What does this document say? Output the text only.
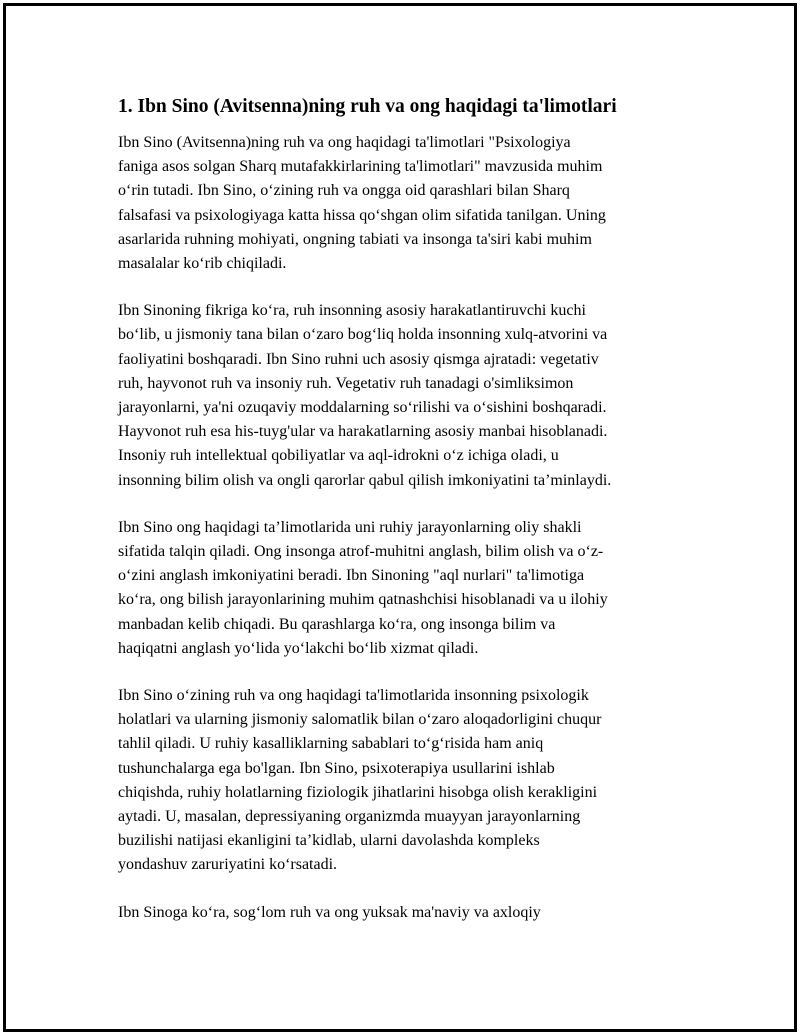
1. Ibn Sino (Avitsenna)ning ruh va ong haqidagi ta'limotlari

Ibn Sino (Avitsenna)ning ruh va ong haqidagi ta'limotlari "Psixologiya
faniga asos solgan Sharq mutafakkirlarining ta'limotlari" mavzusida muhim
o‘rin tutadi. Ibn Sino, o‘zining ruh va ongga oid qarashlari bilan Sharq
falsafasi va psixologiyaga katta hissa qo‘shgan olim sifatida tanilgan. Uning
asarlarida ruhning mohiyati, ongning tabiati va insonga ta'siri kabi muhim
masalalar ko‘rib chiqiladi.

Ibn Sinoning fikriga ko‘ra, ruh insonning asosiy harakatlantiruvchi kuchi
bo‘lib, u jismoniy tana bilan o‘zaro bog‘liq holda insonning xulq-atvorini va
faoliyatini boshqaradi. Ibn Sino ruhni uch asosiy qismga ajratadi: vegetativ
ruh, hayvonot ruh va insoniy ruh. Vegetativ ruh tanadagi o'simliksimon
jarayonlarni, ya'ni ozuqaviy moddalarning so‘rilishi va o‘sishini boshqaradi.
Hayvonot ruh esa his-tuyg'ular va harakatlarning asosiy manbai hisoblanadi.
Insoniy ruh intellektual qobiliyatlar va aql-idrokni o‘z ichiga oladi, u
insonning bilim olish va ongli qarorlar qabul qilish imkoniyatini ta’minlaydi.

Ibn Sino ong haqidagi ta’limotlarida uni ruhiy jarayonlarning oliy shakli
sifatida talqin qiladi. Ong insonga atrof-muhitni anglash, bilim olish va o‘z-
o‘zini anglash imkoniyatini beradi. Ibn Sinoning "aql nurlari" ta'limotiga
ko‘ra, ong bilish jarayonlarining muhim qatnashchisi hisoblanadi va u ilohiy
manbadan kelib chiqadi. Bu qarashlarga ko‘ra, ong insonga bilim va
haqiqatni anglash yo‘lida yo‘lakchi bo‘lib xizmat qiladi.

Ibn Sino o‘zining ruh va ong haqidagi ta'limotlarida insonning psixologik
holatlari va ularning jismoniy salomatlik bilan o‘zaro aloqadorligini chuqur
tahlil qiladi. U ruhiy kasalliklarning sabablari to‘g‘risida ham aniq
tushunchalarga ega bo'lgan. Ibn Sino, psixoterapiya usullarini ishlab
chiqishda, ruhiy holatlarning fiziologik jihatlarini hisobga olish kerakligini
aytadi. U, masalan, depressiyaning organizmda muayyan jarayonlarning
buzilishi natijasi ekanligini ta’kidlab, ularni davolashda kompleks
yondashuv zaruriyatini ko‘rsatadi.

Ibn Sinoga ko‘ra, sog‘lom ruh va ong yuksak ma'naviy va axloqiy
